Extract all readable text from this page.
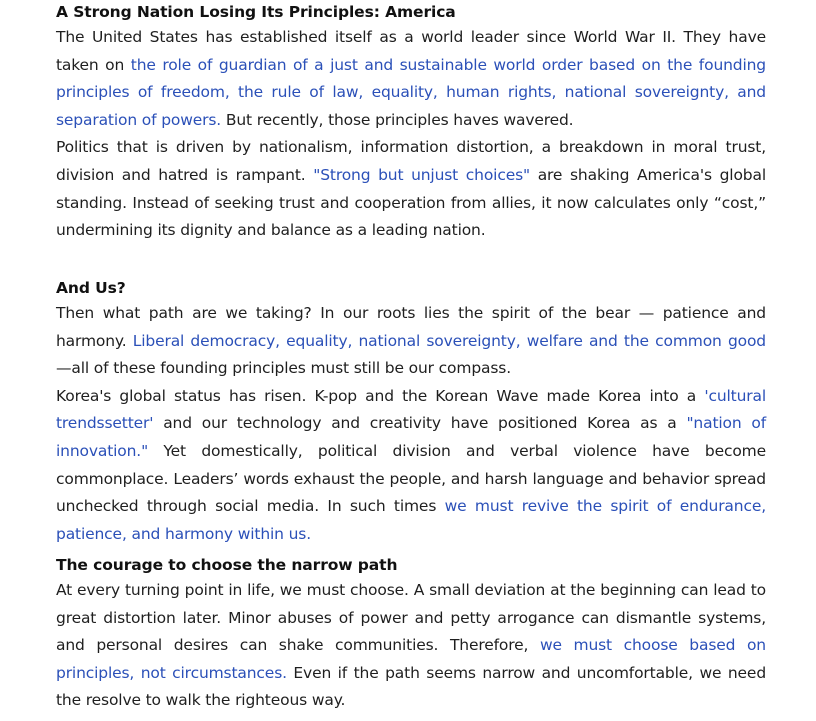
A Strong Nation Losing Its Principles: America

The United States has established itself as a world leader since World War II. They have taken on the role of guardian of a just and sustainable world order based on the founding principles of freedom, the rule of law, equality, human rights, national sovereignty, and separation of powers. But recently, those principles haves wavered.

Politics that is driven by nationalism, information distortion, a breakdown in moral trust, division and hatred is rampant. "Strong but unjust choices" are shaking America's global standing. Instead of seeking trust and cooperation from allies, it now calculates only “cost,” undermining its dignity and balance as a leading nation.

And Us?

Then what path are we taking? In our roots lies the spirit of the bear — patience and harmony. Liberal democracy, equality, national sovereignty, welfare and the common good—all of these founding principles must still be our compass.

Korea's global status has risen. K-pop and the Korean Wave made Korea into a 'cultural trendssetter' and our technology and creativity have positioned Korea as a "nation of innovation." Yet domestically, political division and verbal violence have become commonplace. Leaders’ words exhaust the people, and harsh language and behavior spread unchecked through social media. In such times we must revive the spirit of endurance, patience, and harmony within us.

The courage to choose the narrow path

At every turning point in life, we must choose. A small deviation at the beginning can lead to great distortion later. Minor abuses of power and petty arrogance can dismantle systems, and personal desires can shake communities. Therefore, we must choose based on principles, not circumstances. Even if the path seems narrow and uncomfortable, we need the resolve to walk the righteous way.
